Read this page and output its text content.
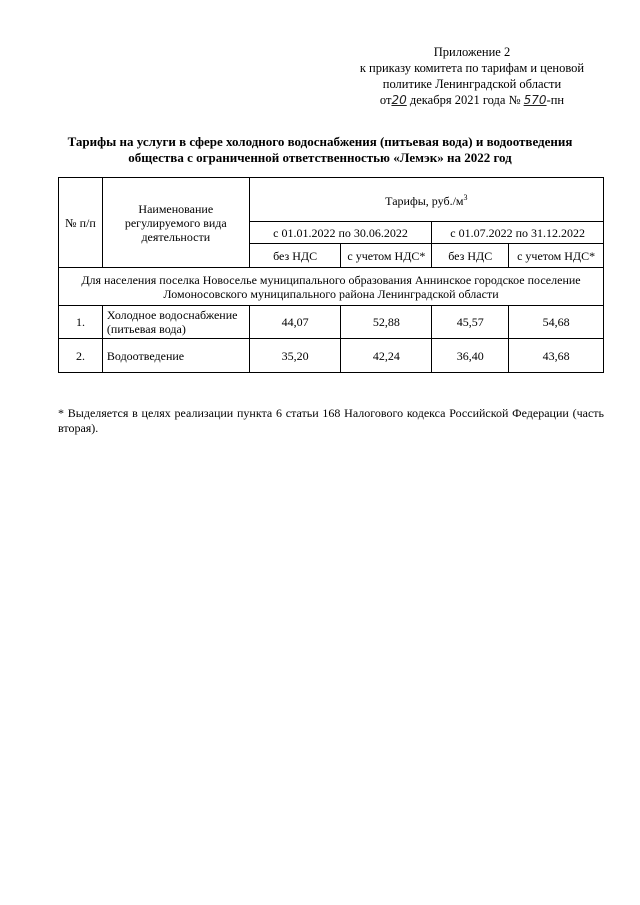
Приложение 2
к приказу комитета по тарифам и ценовой
политике Ленинградской области
от20 декабря 2021 года № 570-пн
Тарифы на услуги в сфере холодного водоснабжения (питьевая вода) и водоотведения
общества с ограниченной ответственностью «Лемэк» на 2022 год
№ п/п	Наименование регулируемого вида деятельности	Тарифы, $руб./м^3$
		с 01.01.2022 по 30.06.2022		с 01.07.2022 по 31.12.2022	
		без НДС	с учетом НДС*	без НДС	с учетом НДС*
Для населения поселка Новоселье муниципального образования Аннинское городское поселение Ломоносовского муниципального района Ленинградской области					
1.	Холодное водоснабжение (питьевая вода)	44,07	52,88	45,57	54,68
2.	Водоотведение	35,20	42,24	36,40	43,68
* Выделяется в целях реализации пункта 6 статьи 168 Налогового кодекса Российской Федерации (часть вторая).
